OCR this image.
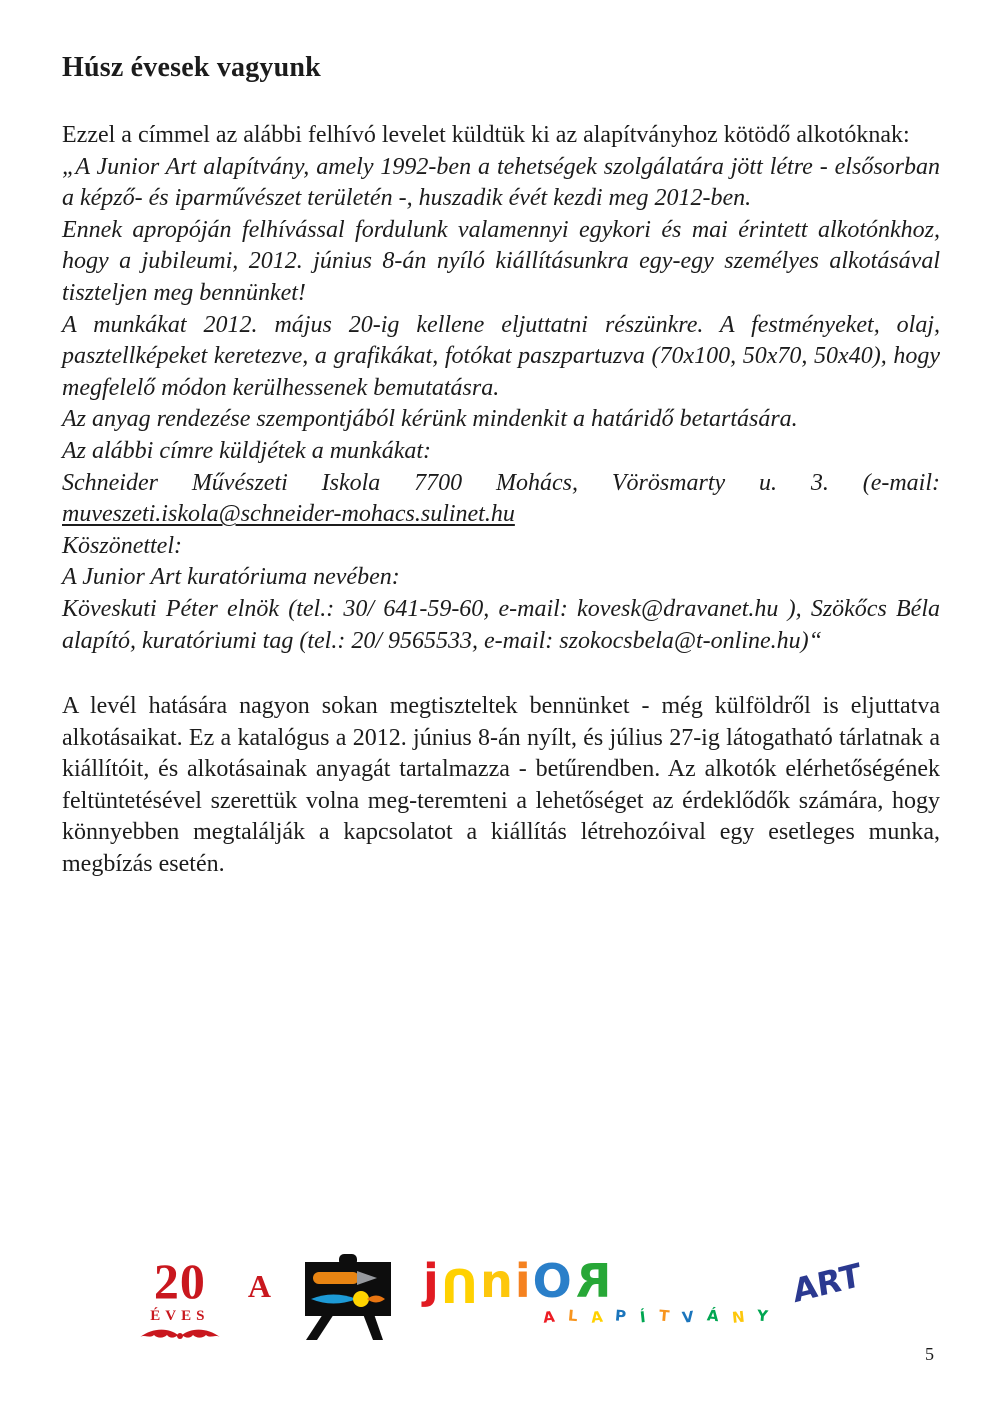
Húsz évesek vagyunk

Ezzel a címmel az alábbi felhívó levelet küldtük ki az alapítványhoz kötödő alkotóknak:

„A Junior Art alapítvány, amely 1992-ben a tehetségek szolgálatára jött létre - elsősorban a képző- és iparművészet területén -, huszadik évét kezdi meg 2012-ben.

Ennek apropóján felhívással fordulunk valamennyi egykori és mai érintett alkotónkhoz, hogy a jubileumi, 2012. június 8-án nyíló kiállításunkra egy-egy személyes alkotásával tiszteljen meg bennünket!

A munkákat 2012. május 20-ig kellene eljuttatni részünkre. A festményeket, olaj, pasztellképeket keretezve, a grafikákat, fotókat paszpartuzva (70x100, 50x70, 50x40), hogy megfelelő módon kerülhessenek bemutatásra.

Az anyag rendezése szempontjából kérünk mindenkit a határidő betartására.

Az alábbi címre küldjétek a munkákat:

Schneider Művészeti Iskola 7700 Mohács, Vörösmarty u. 3. (e-mail: muveszeti.iskola@schneider-mohacs.sulinet.hu

Köszönettel:

A Junior Art kuratóriuma nevében:

Köveskuti Péter elnök (tel.: 30/ 641-59-60, e-mail: kovesk@dravanet.hu ), Szökőcs Béla alapító, kuratóriumi tag (tel.: 20/ 9565533, e-mail: szokocsbela@t-online.hu)“

A levél hatására nagyon sokan megtiszteltek bennünket - még külföldről is eljuttatva alkotásaikat. Ez a katalógus a 2012. június 8-án nyílt, és július 27-ig látogatható tárlatnak a kiállítóit, és alkotásainak anyagát tartalmazza - betűrendben. Az alkotók elérhetőségének feltüntetésével szerettük volna meg-teremteni a lehetőséget az érdeklődők számára, hogy könnyebben megtalálják a kapcsolatot a kiállítás létrehozóival egy esetleges munka, megbízás esetén.

20
ÉVES
A	j U n i O R
A L A P Í T V Á N Y
ART
5
